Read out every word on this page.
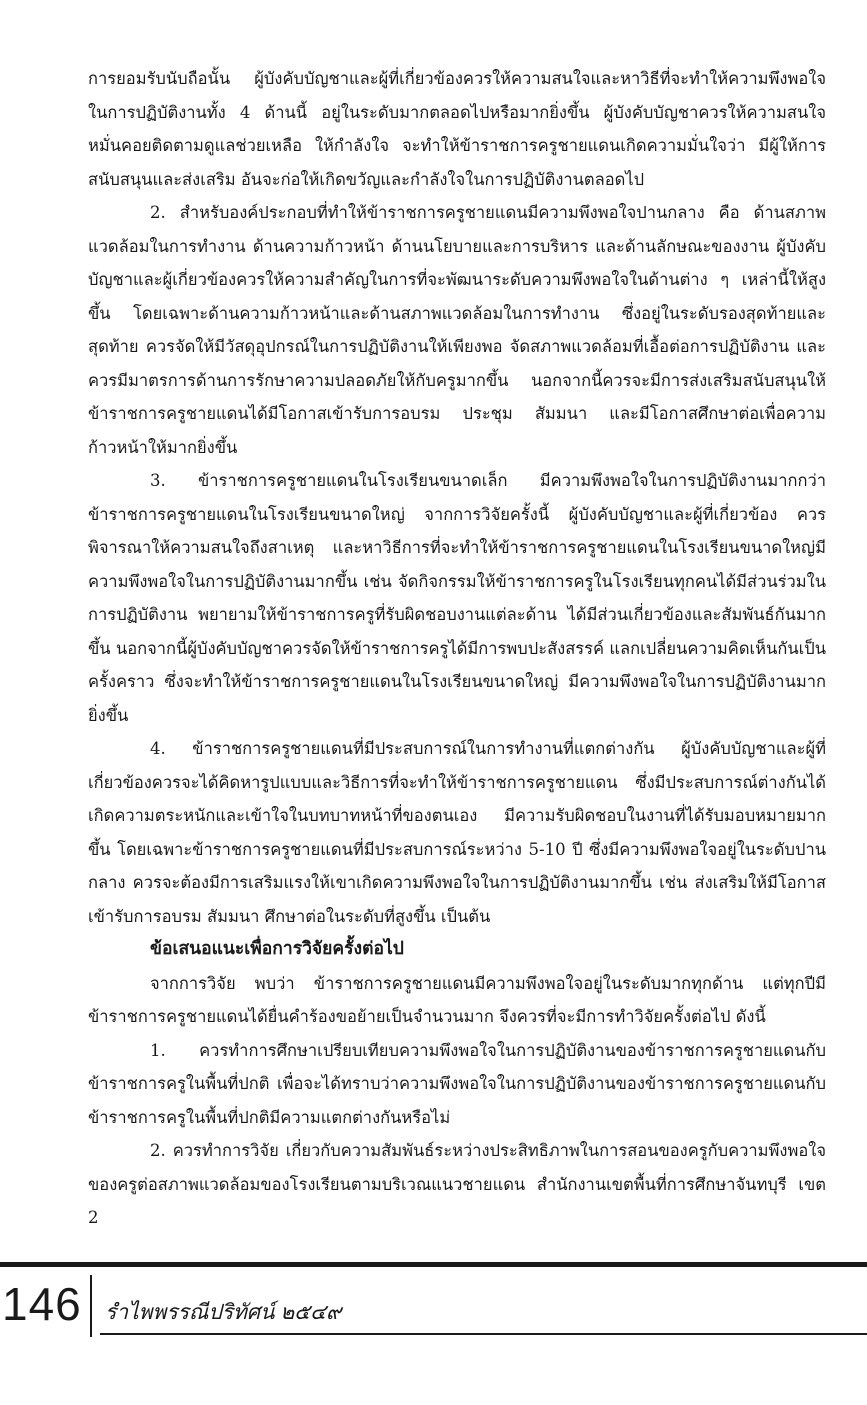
การยอมรับนับถือนั้น ผู้บังคับบัญชาและผู้ที่เกี่ยวข้องควรให้ความสนใจและหาวิธีที่จะทำให้ความพึงพอใจในการปฏิบัติงานทั้ง 4 ด้านนี้ อยู่ในระดับมากตลอดไปหรือมากยิ่งขึ้น ผู้บังคับบัญชาควรให้ความสนใจ หมั่นคอยติดตามดูแลช่วยเหลือ ให้กำลังใจ จะทำให้ข้าราชการครูชายแดนเกิดความมั่นใจว่า มีผู้ให้การสนับสนุนและส่งเสริม อันจะก่อให้เกิดขวัญและกำลังใจในการปฏิบัติงานตลอดไป

2. สำหรับองค์ประกอบที่ทำให้ข้าราชการครูชายแดนมีความพึงพอใจปานกลาง คือ ด้านสภาพแวดล้อมในการทำงาน ด้านความก้าวหน้า ด้านนโยบายและการบริหาร และด้านลักษณะของงาน ผู้บังคับบัญชาและผู้เกี่ยวข้องควรให้ความสำคัญในการที่จะพัฒนาระดับความพึงพอใจในด้านต่าง ๆ เหล่านี้ให้สูงขึ้น โดยเฉพาะด้านความก้าวหน้าและด้านสภาพแวดล้อมในการทำงาน ซึ่งอยู่ในระดับรองสุดท้ายและสุดท้าย ควรจัดให้มีวัสดุอุปกรณ์ในการปฏิบัติงานให้เพียงพอ จัดสภาพแวดล้อมที่เอื้อต่อการปฏิบัติงาน และควรมีมาตรการด้านการรักษาความปลอดภัยให้กับครูมากขึ้น นอกจากนี้ควรจะมีการส่งเสริมสนับสนุนให้ข้าราชการครูชายแดนได้มีโอกาสเข้ารับการอบรม ประชุม สัมมนา และมีโอกาสศึกษาต่อเพื่อความก้าวหน้าให้มากยิ่งขึ้น

3. ข้าราชการครูชายแดนในโรงเรียนขนาดเล็ก มีความพึงพอใจในการปฏิบัติงานมากกว่าข้าราชการครูชายแดนในโรงเรียนขนาดใหญ่ จากการวิจัยครั้งนี้ ผู้บังคับบัญชาและผู้ที่เกี่ยวข้อง ควรพิจารณาให้ความสนใจถึงสาเหตุ และหาวิธีการที่จะทำให้ข้าราชการครูชายแดนในโรงเรียนขนาดใหญ่มีความพึงพอใจในการปฏิบัติงานมากขึ้น เช่น จัดกิจกรรมให้ข้าราชการครูในโรงเรียนทุกคนได้มีส่วนร่วมในการปฏิบัติงาน พยายามให้ข้าราชการครูที่รับผิดชอบงานแต่ละด้าน ได้มีส่วนเกี่ยวข้องและสัมพันธ์กันมากขึ้น นอกจากนี้ผู้บังคับบัญชาควรจัดให้ข้าราชการครูได้มีการพบปะสังสรรค์ แลกเปลี่ยนความคิดเห็นกันเป็นครั้งคราว ซึ่งจะทำให้ข้าราชการครูชายแดนในโรงเรียนขนาดใหญ่ มีความพึงพอใจในการปฏิบัติงานมากยิ่งขึ้น

4. ข้าราชการครูชายแดนที่มีประสบการณ์ในการทำงานที่แตกต่างกัน ผู้บังคับบัญชาและผู้ที่เกี่ยวข้องควรจะได้คิดหารูปแบบและวิธีการที่จะทำให้ข้าราชการครูชายแดน ซึ่งมีประสบการณ์ต่างกันได้เกิดความตระหนักและเข้าใจในบทบาทหน้าที่ของตนเอง มีความรับผิดชอบในงานที่ได้รับมอบหมายมากขึ้น โดยเฉพาะข้าราชการครูชายแดนที่มีประสบการณ์ระหว่าง 5-10 ปี ซึ่งมีความพึงพอใจอยู่ในระดับปานกลาง ควรจะต้องมีการเสริมแรงให้เขาเกิดความพึงพอใจในการปฏิบัติงานมากขึ้น เช่น ส่งเสริมให้มีโอกาสเข้ารับการอบรม สัมมนา ศึกษาต่อในระดับที่สูงขึ้น เป็นต้น

ข้อเสนอแนะเพื่อการวิจัยครั้งต่อไป

จากการวิจัย พบว่า ข้าราชการครูชายแดนมีความพึงพอใจอยู่ในระดับมากทุกด้าน แต่ทุกปีมีข้าราชการครูชายแดนได้ยื่นคำร้องขอย้ายเป็นจำนวนมาก จึงควรที่จะมีการทำวิจัยครั้งต่อไป ดังนี้

1. ควรทำการศึกษาเปรียบเทียบความพึงพอใจในการปฏิบัติงานของข้าราชการครูชายแดนกับข้าราชการครูในพื้นที่ปกติ เพื่อจะได้ทราบว่าความพึงพอใจในการปฏิบัติงานของข้าราชการครูชายแดนกับข้าราชการครูในพื้นที่ปกติมีความแตกต่างกันหรือไม่

2. ควรทำการวิจัย เกี่ยวกับความสัมพันธ์ระหว่างประสิทธิภาพในการสอนของครูกับความพึงพอใจของครูต่อสภาพแวดล้อมของโรงเรียนตามบริเวณแนวชายแดน สำนักงานเขตพื้นที่การศึกษาจันทบุรี เขต 2

146 รำไพพรรณีปริทัศน์ ๒๕๔๙
